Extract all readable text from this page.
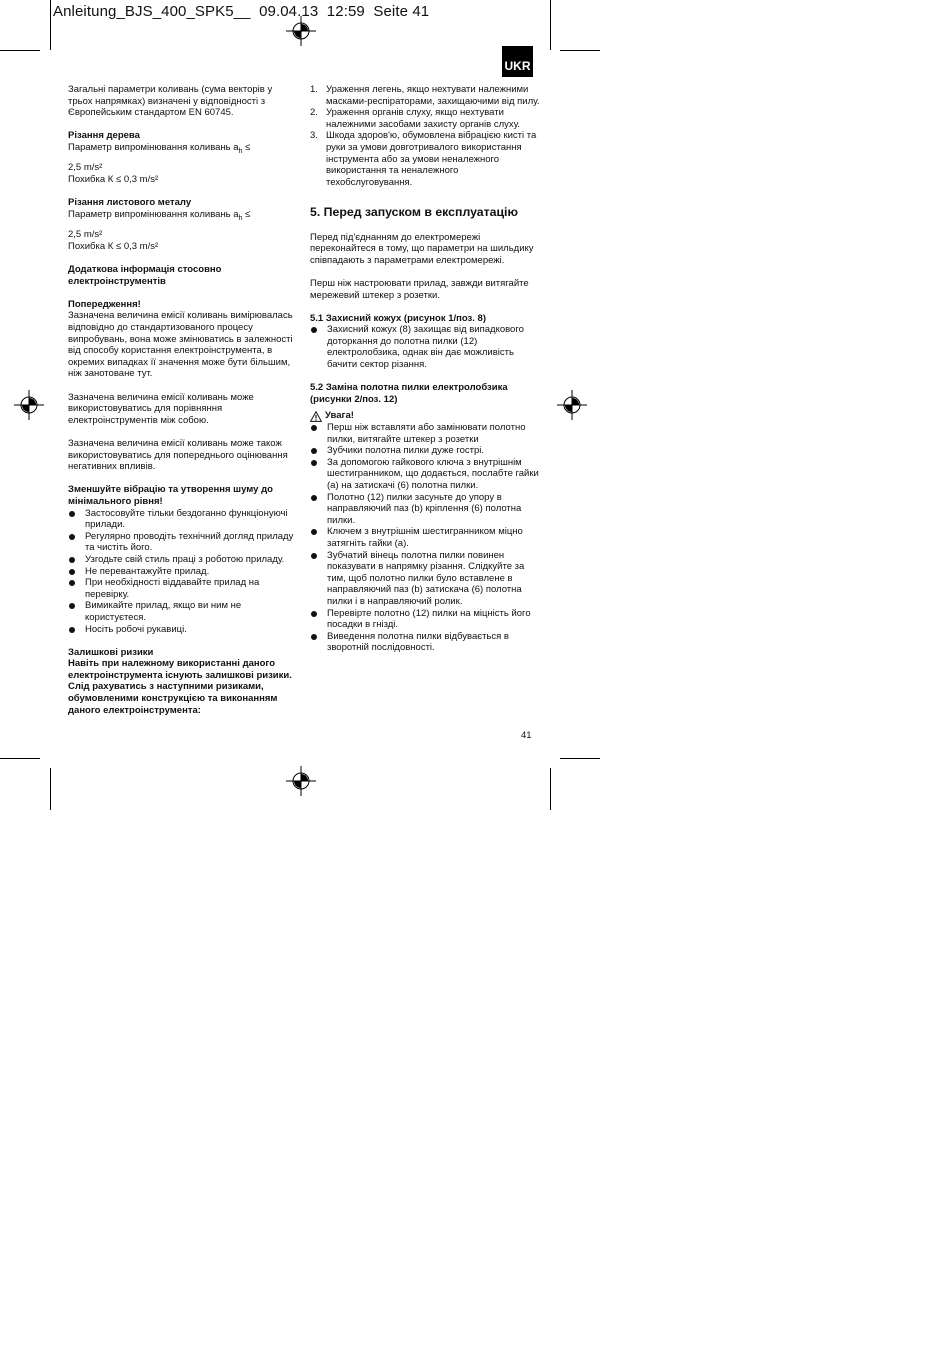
Anleitung_BJS_400_SPK5__  09.04.13  12:59  Seite 41
UKR

Загальні параметри коливань (сума векторів у трьох напрямках) визначені у відповідності з Європейським стандартом EN 60745.

Різання дерева

Параметр випромінювання коливань $a_h$ ≤

2,5 m/s²

Похибка К ≤ 0,3 m/s²

Різання листового металу

Параметр випромінювання коливань $a_h$ ≤

2,5 m/s²

Похибка К ≤ 0,3 m/s²

Додаткова інформація стосовно електроінструментів

Попередження!

Зазначена величина емісії коливань вимірювалась відповідно до стандартизованого процесу випробувань, вона може змінюватись в залежності від способу користання електроінструмента, в окремих випадках її значення може бути більшим, ніж занотоване тут.

Зазначена величина емісії коливань може використовуватись для порівняння електроінструментів між собою.

Зазначена величина емісії коливань може також використовуватись для попереднього оцінювання негативних впливів.

Зменшуйте вібрацію та утворення шуму до мінімального рівня!

Застосовуйте тільки бездоганно функціонуючі прилади.
Регулярно проводіть технічний догляд приладу та чистіть його.
Узгодьте свій стиль праці з роботою приладу.
Не перевантажуйте прилад.
При необхідності віддавайте прилад на перевірку.
Вимикайте прилад, якщо ви ним не користуєтеся.
Носіть робочі рукавиці.

Залишкові ризики

Навіть при належному використанні даного електроінструмента існують залишкові ризики. Слід рахуватись з наступними ризиками, обумовленими конструкцією та виконанням даного електроінструмента:

1. Ураження легень, якщо нехтувати належними масками-респіраторами, захищаючими від пилу.
2. Ураження органів слуху, якщо нехтувати належними засобами захисту органів слуху.
3. Шкода здоров'ю, обумовлена вібрацією кисті та руки за умови довготривалого використання інструмента або за умови неналежного використання та неналежного техобслуговування.

5. Перед запуском в експлуатацію

Перед під'єднанням до електромережі переконайтеся в тому, що параметри на шильдику співпадають з параметрами електромережі.

Перш ніж настроювати прилад, завжди витягайте мережевий штекер з розетки.

5.1 Захисний кожух (рисунок 1/поз. 8)

Захисний кожух (8) захищає від випадкового доторкання до полотна пилки (12) електролобзика, однак він дає можливість бачити сектор різання.

5.2 Заміна полотна пилки електролобзика (рисунки 2/поз. 12)

Увага!
Перш ніж вставляти або замінювати полотно пилки, витягайте штекер з розетки
Зубчики полотна пилки дуже гострі.
За допомогою гайкового ключа з внутрішнім шестигранником, що додається, послабте гайки (а) на затискачі (6) полотна пилки.
Полотно (12) пилки засуньте до упору в направляючий паз (b) кріплення (6) полотна пилки.
Ключем з внутрішнім шестигранником міцно затягніть гайки (а).
Зубчатий вінець полотна пилки повинен показувати в напрямку різання. Слідкуйте за тим, щоб полотно пилки було вставлене в направляючий паз (b) затискача (6) полотна пилки і в направляючий ролик.
Перевірте полотно (12) пилки на міцність його посадки в гнізді.
Виведення полотна пилки відбувається в зворотній послідовності.
41
